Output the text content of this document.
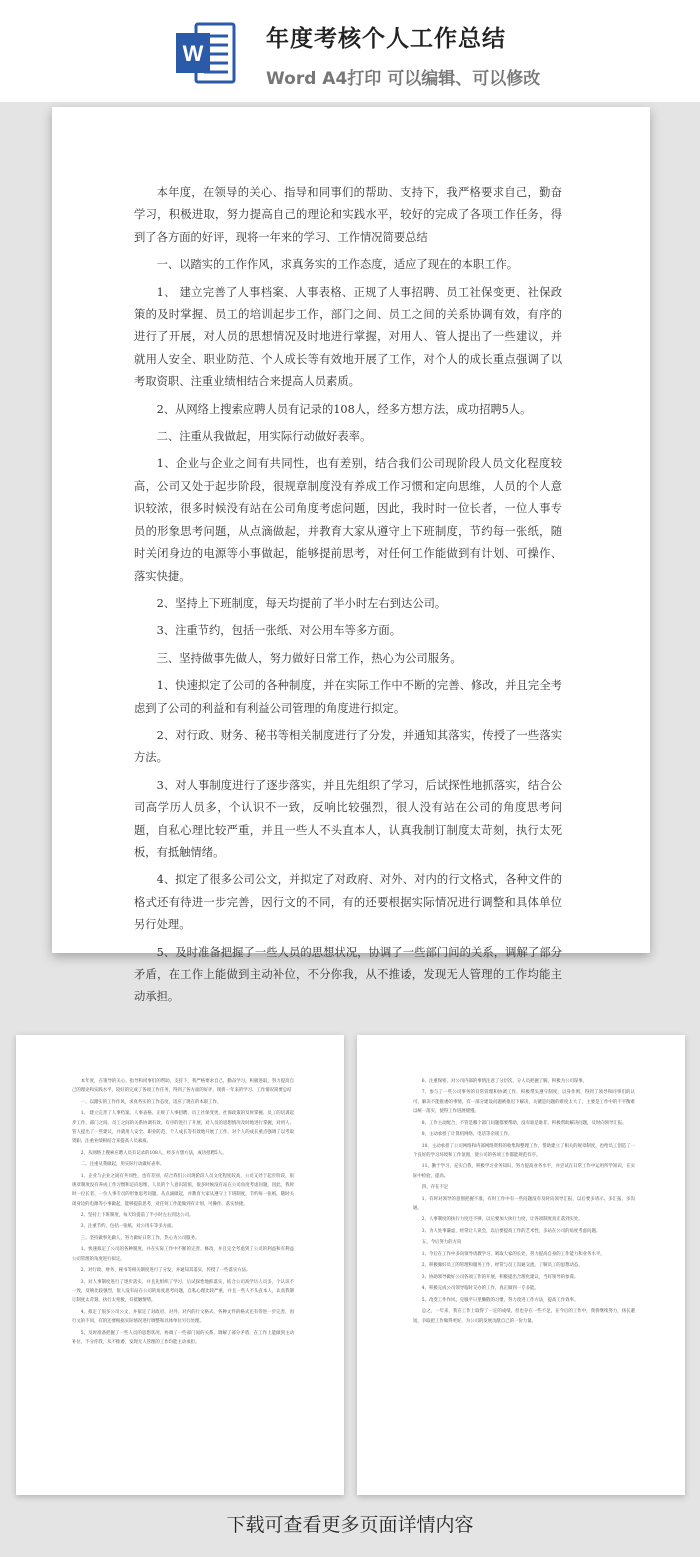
W
年度考核个人工作总结
Word A4打印 可以编辑、可以修改

本年度，在领导的关心、指导和同事们的帮助、支持下，我严格要求自己，勤奋学习，积极进取，努力提高自己的理论和实践水平，较好的完成了各项工作任务，得到了各方面的好评，现将一年来的学习、工作情况简要总结

一、以踏实的工作作风，求真务实的工作态度，适应了现在的本职工作。

1、 建立完善了人事档案、人事表格、正规了人事招聘、员工社保变更、社保政策的及时掌握、员工的培训起步工作，部门之间、员工之间的关系协调有效，有序的进行了开展，对人员的思想情况及时地进行掌握，对用人、管人提出了一些建议，并就用人安全、职业防范、个人成长等有效地开展了工作，对个人的成长重点强调了以考取资职、注重业绩相结合来提高人员素质。

2、从网络上搜索应聘人员有记录的108人，经多方想方法，成功招聘5人。

二、注重从我做起，用实际行动做好表率。

1、企业与企业之间有共同性，也有差别，结合我们公司现阶段人员文化程度较高，公司又处于起步阶段，很规章制度没有养成工作习惯和定向思维，人员的个人意识较浓，很多时候没有站在公司角度考虑问题，因此，我时时一位长者，一位人事专员的形象思考问题，从点滴做起，并教育大家从遵守上下班制度，节约每一张纸，随时关闭身边的电源等小事做起，能够提前思考，对任何工作能做到有计划、可操作、落实快捷。

2、坚持上下班制度，每天均提前了半小时左右到达公司。

3、注重节约，包括一张纸、对公用车等多方面。

三、坚持做事先做人，努力做好日常工作，热心为公司服务。

1、快速拟定了公司的各种制度，并在实际工作中不断的完善、修改，并且完全考虑到了公司的利益和有利益公司管理的角度进行拟定。

2、对行政、财务、秘书等相关制度进行了分发，并通知其落实，传授了一些落实方法。

3、对人事制度进行了逐步落实，并且先组织了学习，后试探性地抓落实，结合公司高学历人员多，个认识不一致，反响比较强烈，很人没有站在公司的角度思考问题，自私心理比较严重，并且一些人不头直本人，认真我制订制度太苛刻，执行太死板，有抵触情绪。

4、拟定了很多公司公文，并拟定了对政府、对外、对内的行文格式，各种文件的格式还有待进一步完善，因行文的不同，有的还要根据实际情况进行调整和具体单位另行处理。

5、及时准备把握了一些人员的思想状况，协调了一些部门间的关系，调解了部分矛盾，在工作上能做到主动补位，不分你我，从不推诿，发现无人管理的工作均能主动承担。

本年度，在领导的关心、指导和同事们的帮助、支持下，我严格要求自己，勤奋学习，积极进取，努力提高自己的理论和实践水平，较好的完成了各项工作任务，得到了各方面的好评，现将一年来的学习、工作情况简要总结

一、以踏实的工作作风，求真务实的工作态度，适应了现在的本职工作。

1、 建立完善了人事档案、人事表格、正规了人事招聘、员工社保变更、社保政策的及时掌握、员工的培训起步工作，部门之间、员工之间的关系协调有效，有序的进行了开展，对人员的思想情况及时地进行掌握，对用人、管人提出了一些建议，并就用人安全、职业防范、个人成长等有效地开展了工作，对个人的成长重点强调了以考取资职、注重业绩相结合来提高人员素质。

2、从网络上搜索应聘人员有记录的108人，经多方想方法，成功招聘5人。

二、注重从我做起，用实际行动做好表率。

1、企业与企业之间有共同性，也有差别，结合我们公司现阶段人员文化程度较高，公司又处于起步阶段，很规章制度没有养成工作习惯和定向思维，人员的个人意识较浓，很多时候没有站在公司角度考虑问题，因此，我时时一位长者，一位人事专员的形象思考问题，从点滴做起，并教育大家从遵守上下班制度，节约每一张纸，随时关闭身边的电源等小事做起，能够提前思考，对任何工作能做到有计划、可操作、落实快捷。

2、坚持上下班制度，每天均提前了半小时左右到达公司。

3、注重节约，包括一张纸、对公用车等多方面。

三、坚持做事先做人，努力做好日常工作，热心为公司服务。

1、快速拟定了公司的各种制度，并在实际工作中不断的完善、修改，并且完全考虑到了公司的利益和有利益公司管理的角度进行拟定。

2、对行政、财务、秘书等相关制度进行了分发，并通知其落实，传授了一些落实方法。

3、对人事制度进行了逐步落实，并且先组织了学习，后试探性地抓落实，结合公司高学历人员多，个认识不一致，反响比较强烈，很人没有站在公司的角度思考问题，自私心理比较严重，并且一些人不头直本人，认真我制订制度太苛刻，执行太死板，有抵触情绪。

4、拟定了很多公司公文，并拟定了对政府、对外、对内的行文格式，各种文件的格式还有待进一步完善，因行文的不同，有的还要根据实际情况进行调整和具体单位另行处理。

5、及时准备把握了一些人员的思想状况，协调了一些部门间的关系，调解了部分矛盾，在工作上能做到主动补位，不分你我，从不推诿，发现无人管理的工作均能主动承担。

6、注重保密，对公司内部的事情注意了分层次、分人员把握了解，积极为公司谋事。

7、参与了一些公司事务的日常管理和协调工作，积极带头遵守制度，以身作则，得到了领导和同事们的认可，解决不能推诿的事情，有一部分建设问题被推迟下解决，关键是问题的难度太大了，主要是工作中的不平衡难以统一落实，使得工作进展缓慢。

8、工作主动配合，不管是哪个部门问题都要帮助，没有谁是谁非，积极帮助解决问题，及时向领导汇报。

9、主动承担了计算机网络、电话等杂项工作。

10、主动承担了公司网络和内部网络资料的收集和整理工作，帮助建立了相关的规章制度，也给员工创造了一个良好的学习环境和工作氛围，使公司的各项工作都能规范有序。

11、勤于学习，充实自我，积极学习业务知识，努力提高业务水平，并尝试在日常工作中运用所学知识，在实际中检验、提高。

四、存在不足

1、有时对领导的意图把握不准，有时工作中有一些问题没有及时向领导汇报，以后要多请示、多汇报、多沟通。

2、人事制度的执行力度还不够，以后要加大执行力度，让各项制度真正落到实处。

3、为人处事谦虚，经常让人误会，以后要提高工作的艺术性，多站在公司的角度考虑问题。

五、今后努力的方向

1、今后在工作中多向领导请教学习，吸取大家的长处，努力提高自身的工作能力和业务水平。

2、积极做好员工的管理和服务工作，经常与员工沟通交流，了解员工的思想动态。

3、协助领导做好公司各项工作的开展，积极提出合理化建议，当好领导的参谋。

4、积极完成公司领导临时交办的工作，真正做到一专多能。

5、改变工作作风，克服平日里懒散的习惯，努力改进工作方法，提高工作效率。

总之，一年来，我在工作上取得了一定的成绩，但也存在一些不足，在今后的工作中，我将继续努力，扬长避短，争取把工作做得更好，为公司的发展贡献自己的一份力量。

下载可查看更多页面详情内容
